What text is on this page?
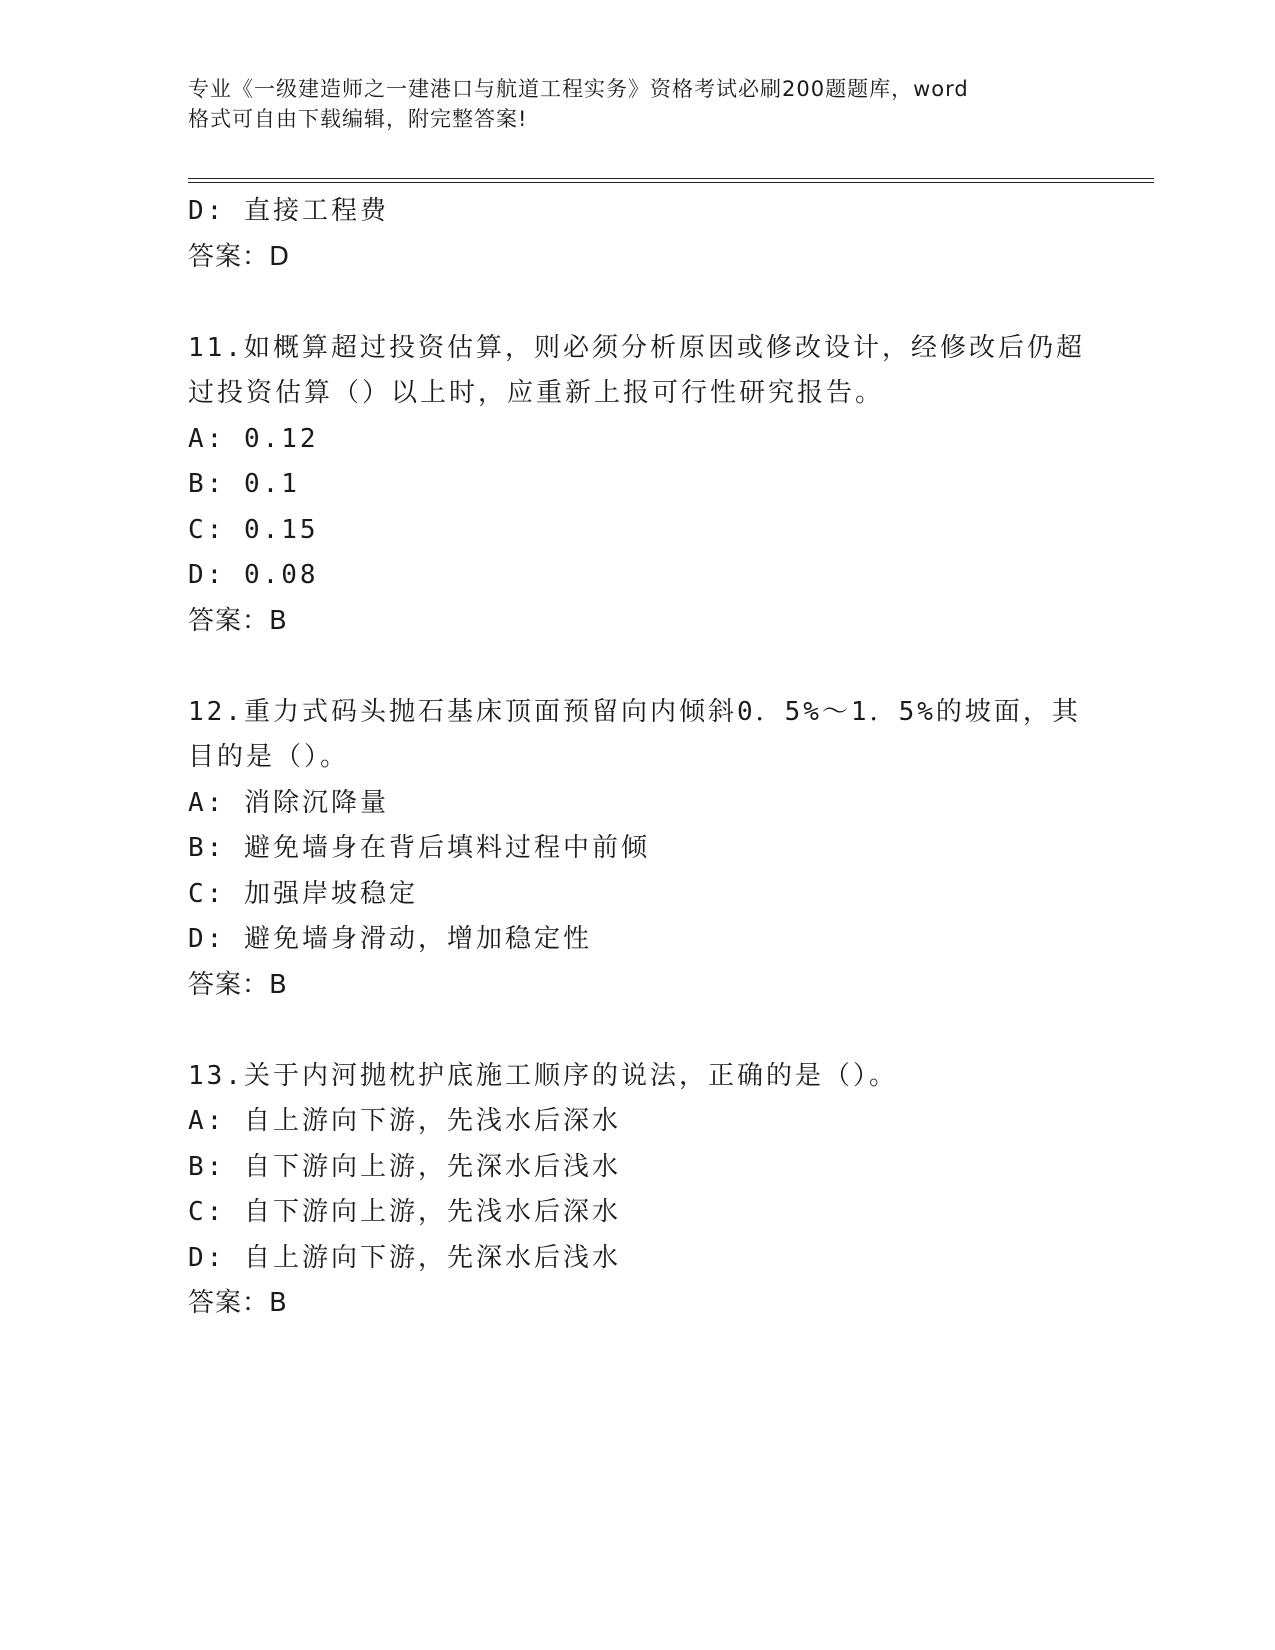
专业《一级建造师之一建港口与航道工程实务》资格考试必刷200题题库，word
格式可自由下载编辑，附完整答案!
D: 直接工程费
答案：D
11.如概算超过投资估算，则必须分析原因或修改设计，经修改后仍超
过投资估算（）以上时，应重新上报可行性研究报告。
A: 0.12
B: 0.1
C: 0.15
D: 0.08
答案：B
12.重力式码头抛石基床顶面预留向内倾斜0．5%～1．5%的坡面，其
目的是（）。
A: 消除沉降量
B: 避免墙身在背后填料过程中前倾
C: 加强岸坡稳定
D: 避免墙身滑动，增加稳定性
答案：B
13.关于内河抛枕护底施工顺序的说法，正确的是（）。
A: 自上游向下游，先浅水后深水
B: 自下游向上游，先深水后浅水
C: 自下游向上游，先浅水后深水
D: 自上游向下游，先深水后浅水
答案：B
